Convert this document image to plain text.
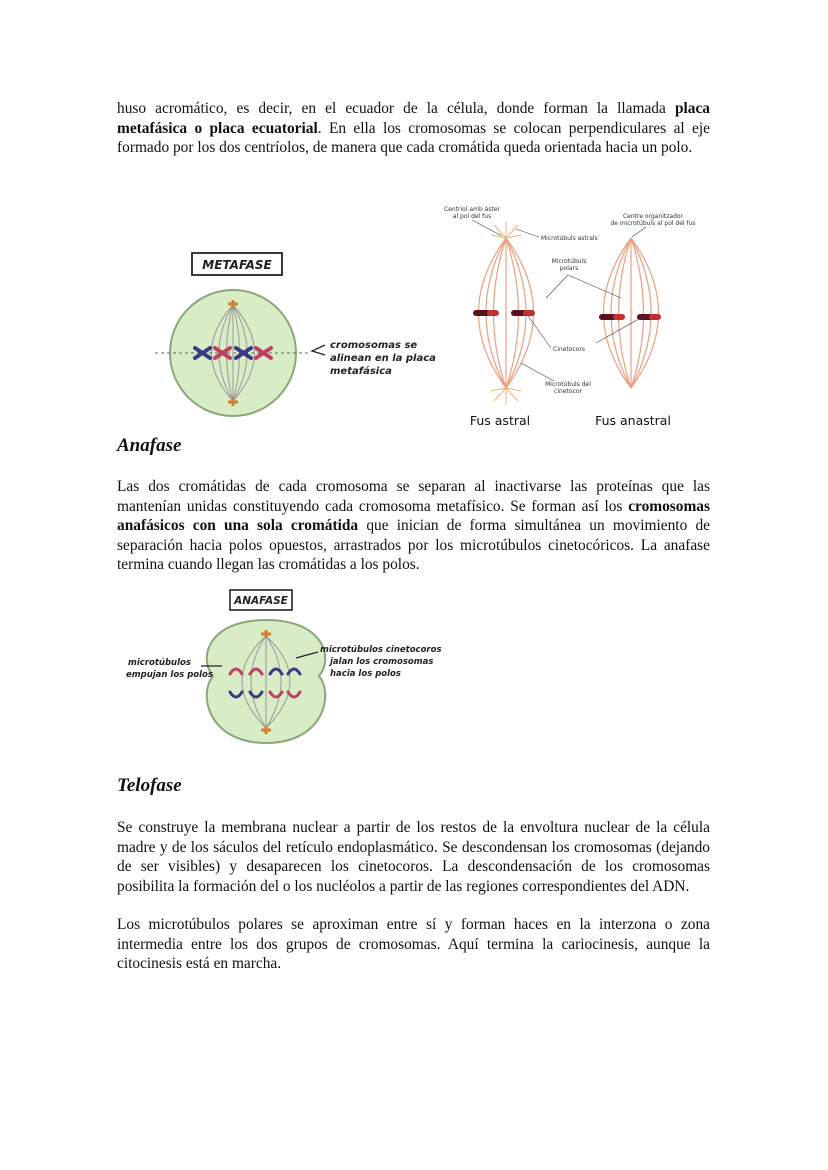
huso acromático, es decir, en el ecuador de la célula, donde forman la llamada placa metafásica o placa ecuatorial. En ella los cromosomas se colocan perpendiculares al eje formado por los dos centríolos, de manera que cada cromátida queda orientada hacia un polo.

METAFASE
cromosomas se
alinean en la placa
metafásica
Centriol amb àster
al pol del fus	Centre organitzador
de microtúbuls al pol del fus
Microtúbuls astrals
Microtúbuls
polars
Cinetocors
Microtúbuls del
cinetocor
Fus astral	Fus anastral
Anafase

Las dos cromátidas de cada cromosoma se separan al inactivarse las proteínas que las mantenían unidas constituyendo cada cromosoma metafísico. Se forman así los cromosomas anafásicos con una sola cromátida que inician de forma simultánea un movimiento de separación hacia polos opuestos, arrastrados por los microtúbulos cinetocóricos. La anafase termina cuando llegan las cromátidas a los polos.

ANAFASE
microtúbulos
empujan los polos
microtúbulos cinetocoros
jalan los cromosomas
hacia los polos
Telofase

Se construye la membrana nuclear a partir de los restos de la envoltura nuclear de la célula madre y de los sáculos del retículo endoplasmático. Se descondensan los cromosomas (dejando de ser visibles) y desaparecen los cinetocoros. La descondensación de los cromosomas posibilita la formación del o los nucléolos a partir de las regiones correspondientes del ADN.

Los microtúbulos polares se aproximan entre sí y forman haces en la interzona o zona intermedia entre los dos grupos de cromosomas. Aquí termina la cariocinesis, aunque la citocinesis está en marcha.
